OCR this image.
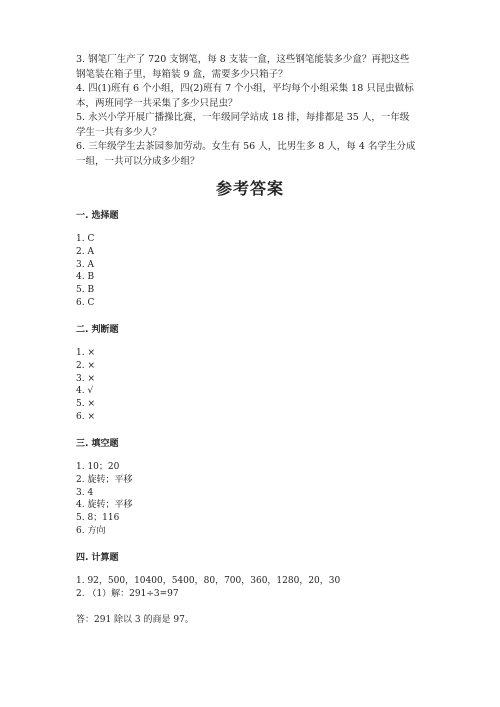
3. 钢笔厂生产了 720 支钢笔，每 8 支装一盒，这些钢笔能装多少盒？再把这些

钢笔装在箱子里，每箱装 9 盒，需要多少只箱子？

4. 四(1)班有 6 个小组，四(2)班有 7 个小组，平均每个小组采集 18 只昆虫做标

本，两班同学一共采集了多少只昆虫？

5. 永兴小学开展广播操比赛，一年级同学站成 18 排，每排都是 35 人，一年级

学生一共有多少人？

6. 三年级学生去茶园参加劳动。女生有 56 人，比男生多 8 人，每 4 名学生分成

一组，一共可以分成多少组？

参考答案

一. 选择题

1. C
2. A
3. A
4. B
5. B
6. C

二. 判断题

1. ×
2. ×
3. ×
4. √
5. ×
6. ×

三. 填空题

1. 10；20
2. 旋转；平移
3. 4
4. 旋转；平移
5. 8；116
6. 方向

四. 计算题

1. 92，500，10400，5400，80，700，360，1280，20，30
2. （1）解：291÷3=97
答：291 除以 3 的商是 97。
